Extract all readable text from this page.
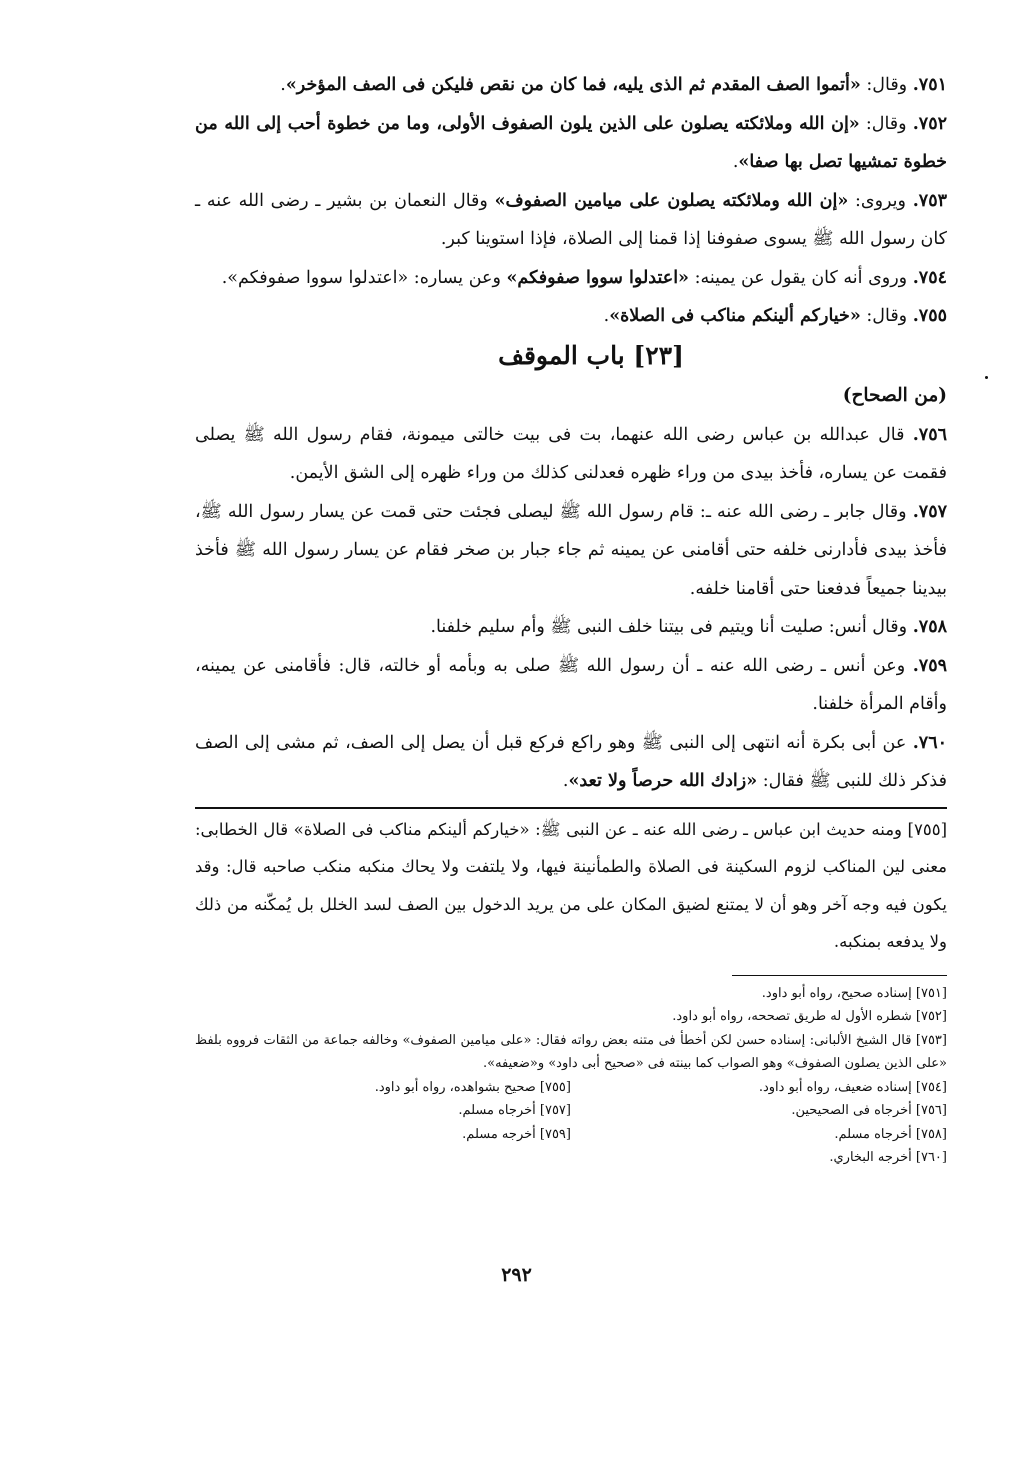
٧٥١. وقال: «أتموا الصف المقدم ثم الذى يليه، فما كان من نقص فليكن فى الصف المؤخر».

٧٥٢. وقال: «إن الله وملائكته يصلون على الذين يلون الصفوف الأولى، وما من خطوة أحب إلى الله من خطوة تمشيها تصل بها صفا».

٧٥٣. ويروى: «إن الله وملائكته يصلون على ميامين الصفوف» وقال النعمان بن بشير ـ رضى الله عنه ـ كان رسول الله ﷺ يسوى صفوفنا إذا قمنا إلى الصلاة، فإذا استوينا كبر.

٧٥٤. وروى أنه كان يقول عن يمينه: «اعتدلوا سووا صفوفكم» وعن يساره: «اعتدلوا سووا صفوفكم».

٧٥٥. وقال: «خياركم ألينكم مناكب فى الصلاة».

[٢٣] باب الموقف

(من الصحاح)

٧٥٦. قال عبدالله بن عباس رضى الله عنهما، بت فى بيت خالتى ميمونة، فقام رسول الله ﷺ يصلى فقمت عن يساره، فأخذ بيدى من وراء ظهره فعدلنى كذلك من وراء ظهره إلى الشق الأيمن.

٧٥٧. وقال جابر ـ رضى الله عنه ـ: قام رسول الله ﷺ ليصلى فجئت حتى قمت عن يسار رسول الله ﷺ، فأخذ بيدى فأدارنى خلفه حتى أقامنى عن يمينه ثم جاء جبار بن صخر فقام عن يسار رسول الله ﷺ فأخذ بيدينا جميعاً فدفعنا حتى أقامنا خلفه.

٧٥٨. وقال أنس: صليت أنا ويتيم فى بيتنا خلف النبى ﷺ وأم سليم خلفنا.

٧٥٩. وعن أنس ـ رضى الله عنه ـ أن رسول الله ﷺ صلى به وبأمه أو خالته، قال: فأقامنى عن يمينه، وأقام المرأة خلفنا.

٧٦٠. عن أبى بكرة أنه انتهى إلى النبى ﷺ وهو راكع فركع قبل أن يصل إلى الصف، ثم مشى إلى الصف فذكر ذلك للنبى ﷺ فقال: «زادك الله حرصاً ولا تعد».

[٧٥٥] ومنه حديث ابن عباس ـ رضى الله عنه ـ عن النبى ﷺ: «خياركم ألينكم مناكب فى الصلاة» قال الخطابى: معنى لين المناكب لزوم السكينة فى الصلاة والطمأنينة فيها، ولا يلتفت ولا يحاك منكبه منكب صاحبه قال: وقد يكون فيه وجه آخر وهو أن لا يمتنع لضيق المكان على من يريد الدخول بين الصف لسد الخلل بل يُمكّنه من ذلك ولا يدفعه بمنكبه.

[٧٥١] إسناده صحيح، رواه أبو داود.

[٧٥٢] شطره الأول له طريق تصححه، رواه أبو داود.

[٧٥٣] قال الشيخ الألبانى: إسناده حسن لكن أخطأ فى متنه بعض رواته فقال: «على ميامين الصفوف» وخالفه جماعة من الثقات فرووه بلفظ «على الذين يصلون الصفوف» وهو الصواب كما بينته فى «صحيح أبى داود» و«ضعيفه».

[٧٥٤] إسناده ضعيف، رواه أبو داود.

[٧٥٥] صحيح بشواهده، رواه أبو داود.

[٧٥٦] أخرجاه فى الصحيحين.

[٧٥٧] أخرجاه مسلم.

[٧٥٨] أخرجاه مسلم.

[٧٥٩] أخرجه مسلم.

[٧٦٠] أخرجه البخاري.

٢٩٢
